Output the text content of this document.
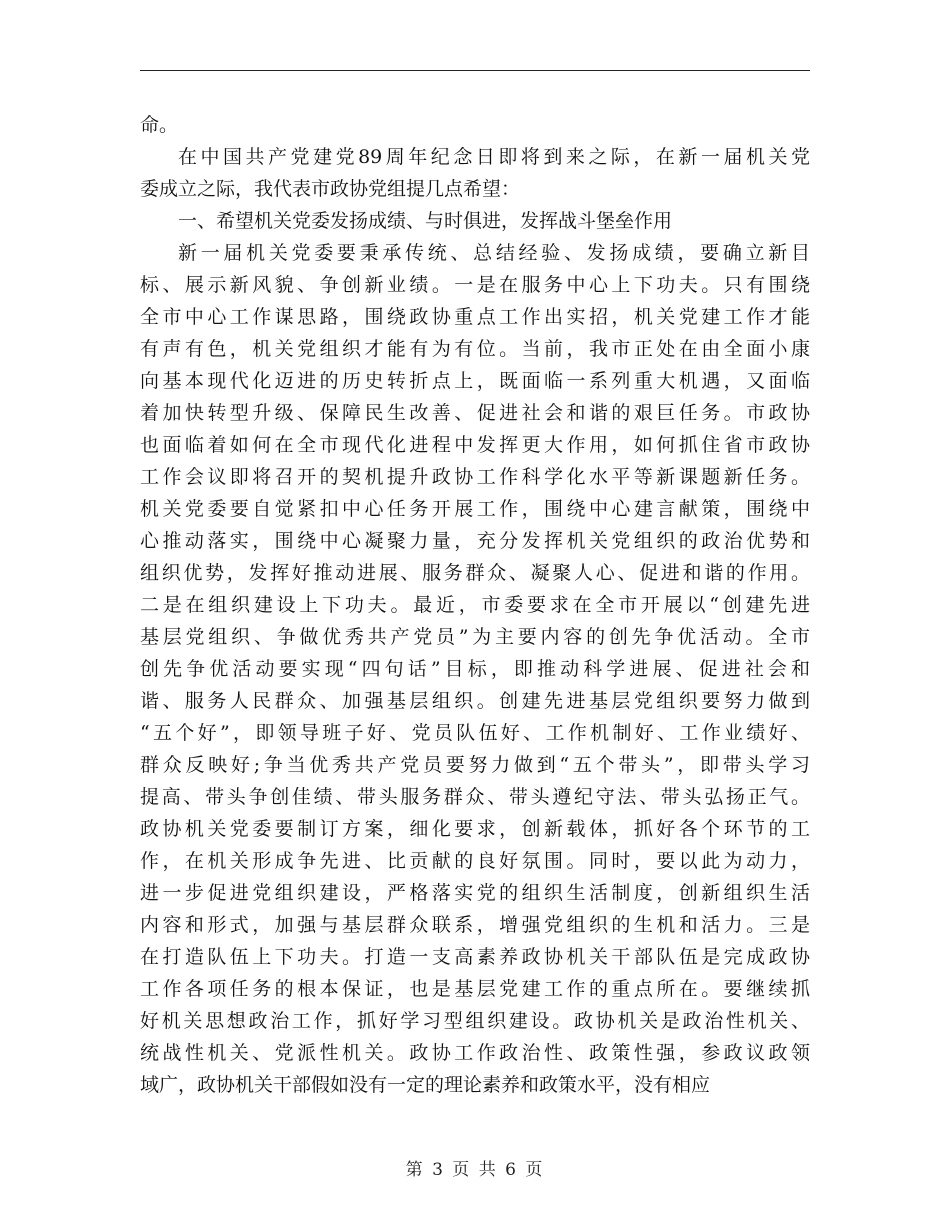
命。
在中国共产党建党89周年纪念日即将到来之际，在新一届机关党
委成立之际，我代表市政协党组提几点希望：
一、希望机关党委发扬成绩、与时俱进，发挥战斗堡垒作用
新一届机关党委要秉承传统、总结经验、发扬成绩，要确立新目
标、展示新风貌、争创新业绩。一是在服务中心上下功夫。只有围绕
全市中心工作谋思路，围绕政协重点工作出实招，机关党建工作才能
有声有色，机关党组织才能有为有位。当前，我市正处在由全面小康
向基本现代化迈进的历史转折点上，既面临一系列重大机遇，又面临
着加快转型升级、保障民生改善、促进社会和谐的艰巨任务。市政协
也面临着如何在全市现代化进程中发挥更大作用，如何抓住省市政协
工作会议即将召开的契机提升政协工作科学化水平等新课题新任务。
机关党委要自觉紧扣中心任务开展工作，围绕中心建言献策，围绕中
心推动落实，围绕中心凝聚力量，充分发挥机关党组织的政治优势和
组织优势，发挥好推动进展、服务群众、凝聚人心、促进和谐的作用。
二是在组织建设上下功夫。最近，市委要求在全市开展以“创建先进
基层党组织、争做优秀共产党员”为主要内容的创先争优活动。全市
创先争优活动要实现“四句话”目标，即推动科学进展、促进社会和
谐、服务人民群众、加强基层组织。创建先进基层党组织要努力做到
“五个好”，即领导班子好、党员队伍好、工作机制好、工作业绩好、
群众反映好;争当优秀共产党员要努力做到“五个带头”，即带头学习
提高、带头争创佳绩、带头服务群众、带头遵纪守法、带头弘扬正气。
政协机关党委要制订方案，细化要求，创新载体，抓好各个环节的工
作，在机关形成争先进、比贡献的良好氛围。同时，要以此为动力，
进一步促进党组织建设，严格落实党的组织生活制度，创新组织生活
内容和形式，加强与基层群众联系，增强党组织的生机和活力。三是
在打造队伍上下功夫。打造一支高素养政协机关干部队伍是完成政协
工作各项任务的根本保证，也是基层党建工作的重点所在。要继续抓
好机关思想政治工作，抓好学习型组织建设。政协机关是政治性机关、
统战性机关、党派性机关。政协工作政治性、政策性强，参政议政领
域广，政协机关干部假如没有一定的理论素养和政策水平，没有相应
第 3 页 共 6 页
